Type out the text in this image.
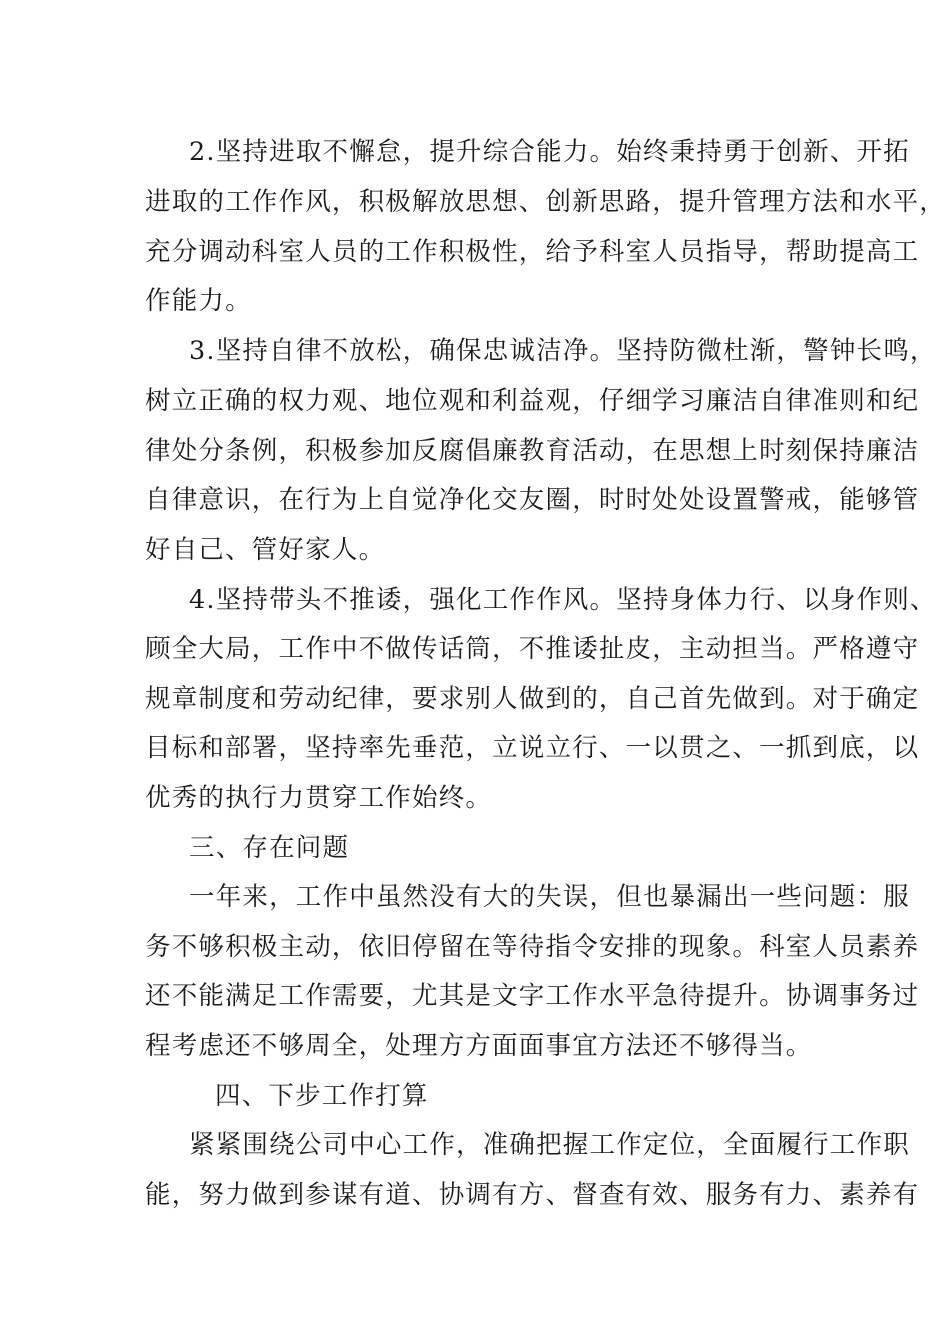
2.坚持进取不懈怠，提升综合能力。始终秉持勇于创新、开拓
进取的工作作风，积极解放思想、创新思路，提升管理方法和水平，
充分调动科室人员的工作积极性，给予科室人员指导，帮助提高工
作能力。
3.坚持自律不放松，确保忠诚洁净。坚持防微杜渐，警钟长鸣，
树立正确的权力观、地位观和利益观，仔细学习廉洁自律准则和纪
律处分条例，积极参加反腐倡廉教育活动，在思想上时刻保持廉洁
自律意识，在行为上自觉净化交友圈，时时处处设置警戒，能够管
好自己、管好家人。
4.坚持带头不推诿，强化工作作风。坚持身体力行、以身作则、
顾全大局，工作中不做传话筒，不推诿扯皮，主动担当。严格遵守
规章制度和劳动纪律，要求别人做到的，自己首先做到。对于确定
目标和部署，坚持率先垂范，立说立行、一以贯之、一抓到底，以
优秀的执行力贯穿工作始终。
三、存在问题
一年来，工作中虽然没有大的失误，但也暴漏出一些问题：服
务不够积极主动，依旧停留在等待指令安排的现象。科室人员素养
还不能满足工作需要，尤其是文字工作水平急待提升。协调事务过
程考虑还不够周全，处理方方面面事宜方法还不够得当。
四、下步工作打算
紧紧围绕公司中心工作，准确把握工作定位，全面履行工作职
能，努力做到参谋有道、协调有方、督查有效、服务有力、素养有
